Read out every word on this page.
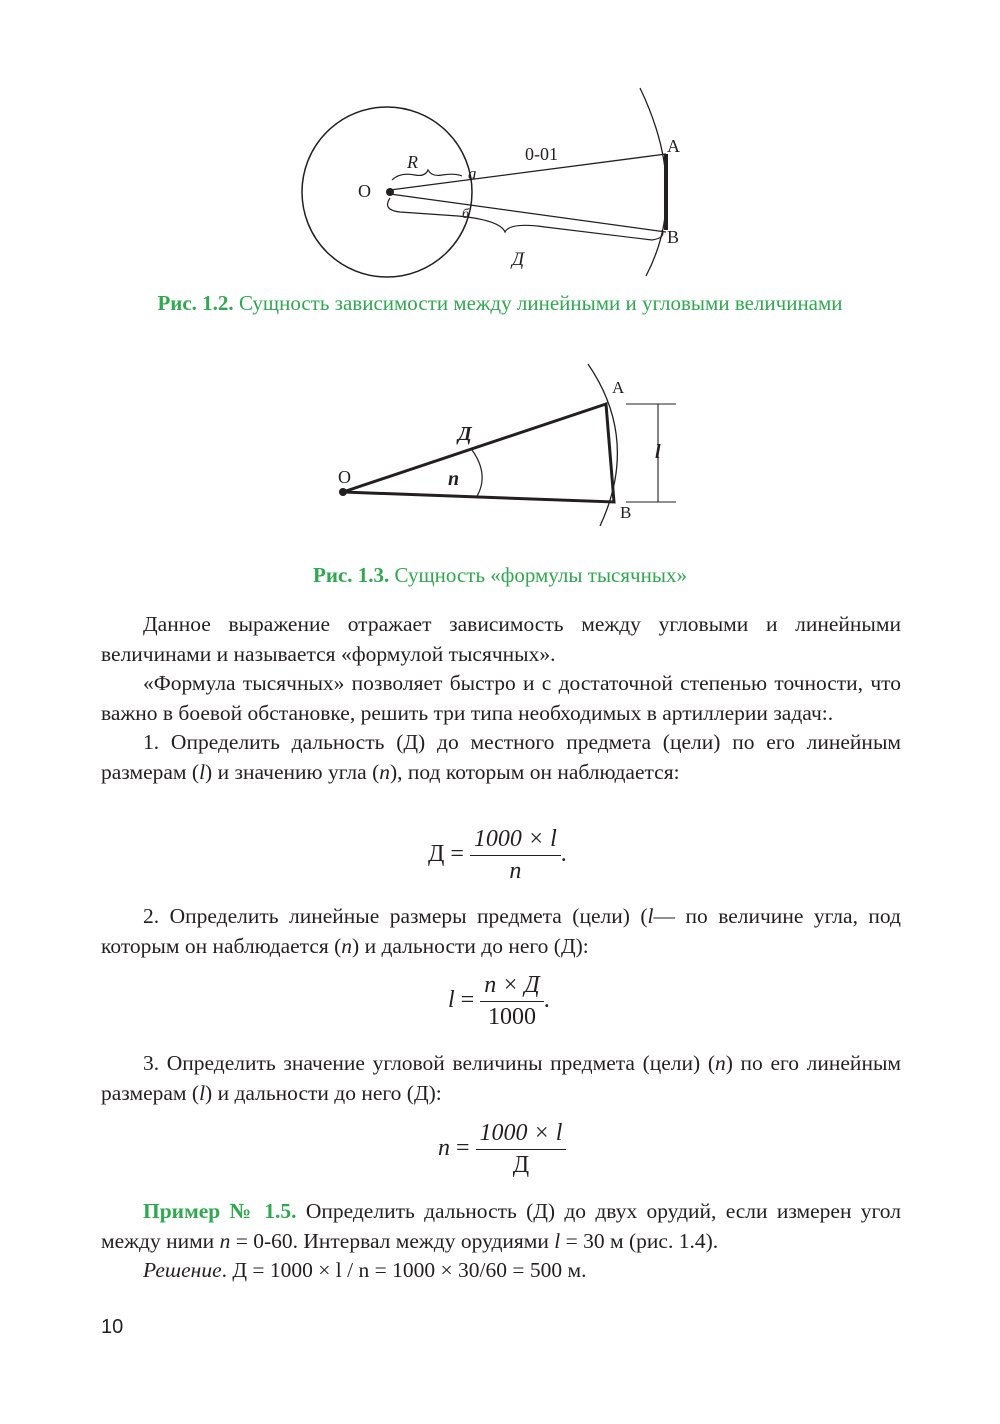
O
R
a
б
0-01	A
B
Д
Рис. 1.2. Сущность зависимости между линейными и угловыми величинами
O
A
B
Д
n
l
Рис. 1.3. Сущность «формулы тысячных»

Данное выражение отражает зависимость между угловыми и линейными величинами и называется «формулой тысячных».

«Формула тысячных» позволяет быстро и с достаточной степенью точности, что важно в боевой обстановке, решить три типа необходимых в артиллерии задач:.

1. Определить дальность (Д) до местного предмета (цели) по его линейным размерам (l) и значению угла (n), под которым он наблюдается:

$Д = \frac{1000 \times l}{n}$ .

2. Определить линейные размеры предмета (цели) (l— по величине угла, под которым он наблюдается (n) и дальности до него (Д):

$l = \frac{n \times Д}{1000}$ .

3. Определить значение угловой величины предмета (цели) (n) по его линейным размерам (l) и дальности до него (Д):

$n = \frac{1000 \times l}{Д}$

Пример № 1.5. Определить дальность (Д) до двух орудий, если измерен угол между ними n = 0-60. Интервал между орудиями l = 30 м (рис. 1.4).

Решение. Д = 1000 × l / n = 1000 × 30/60 = 500 м.

10
